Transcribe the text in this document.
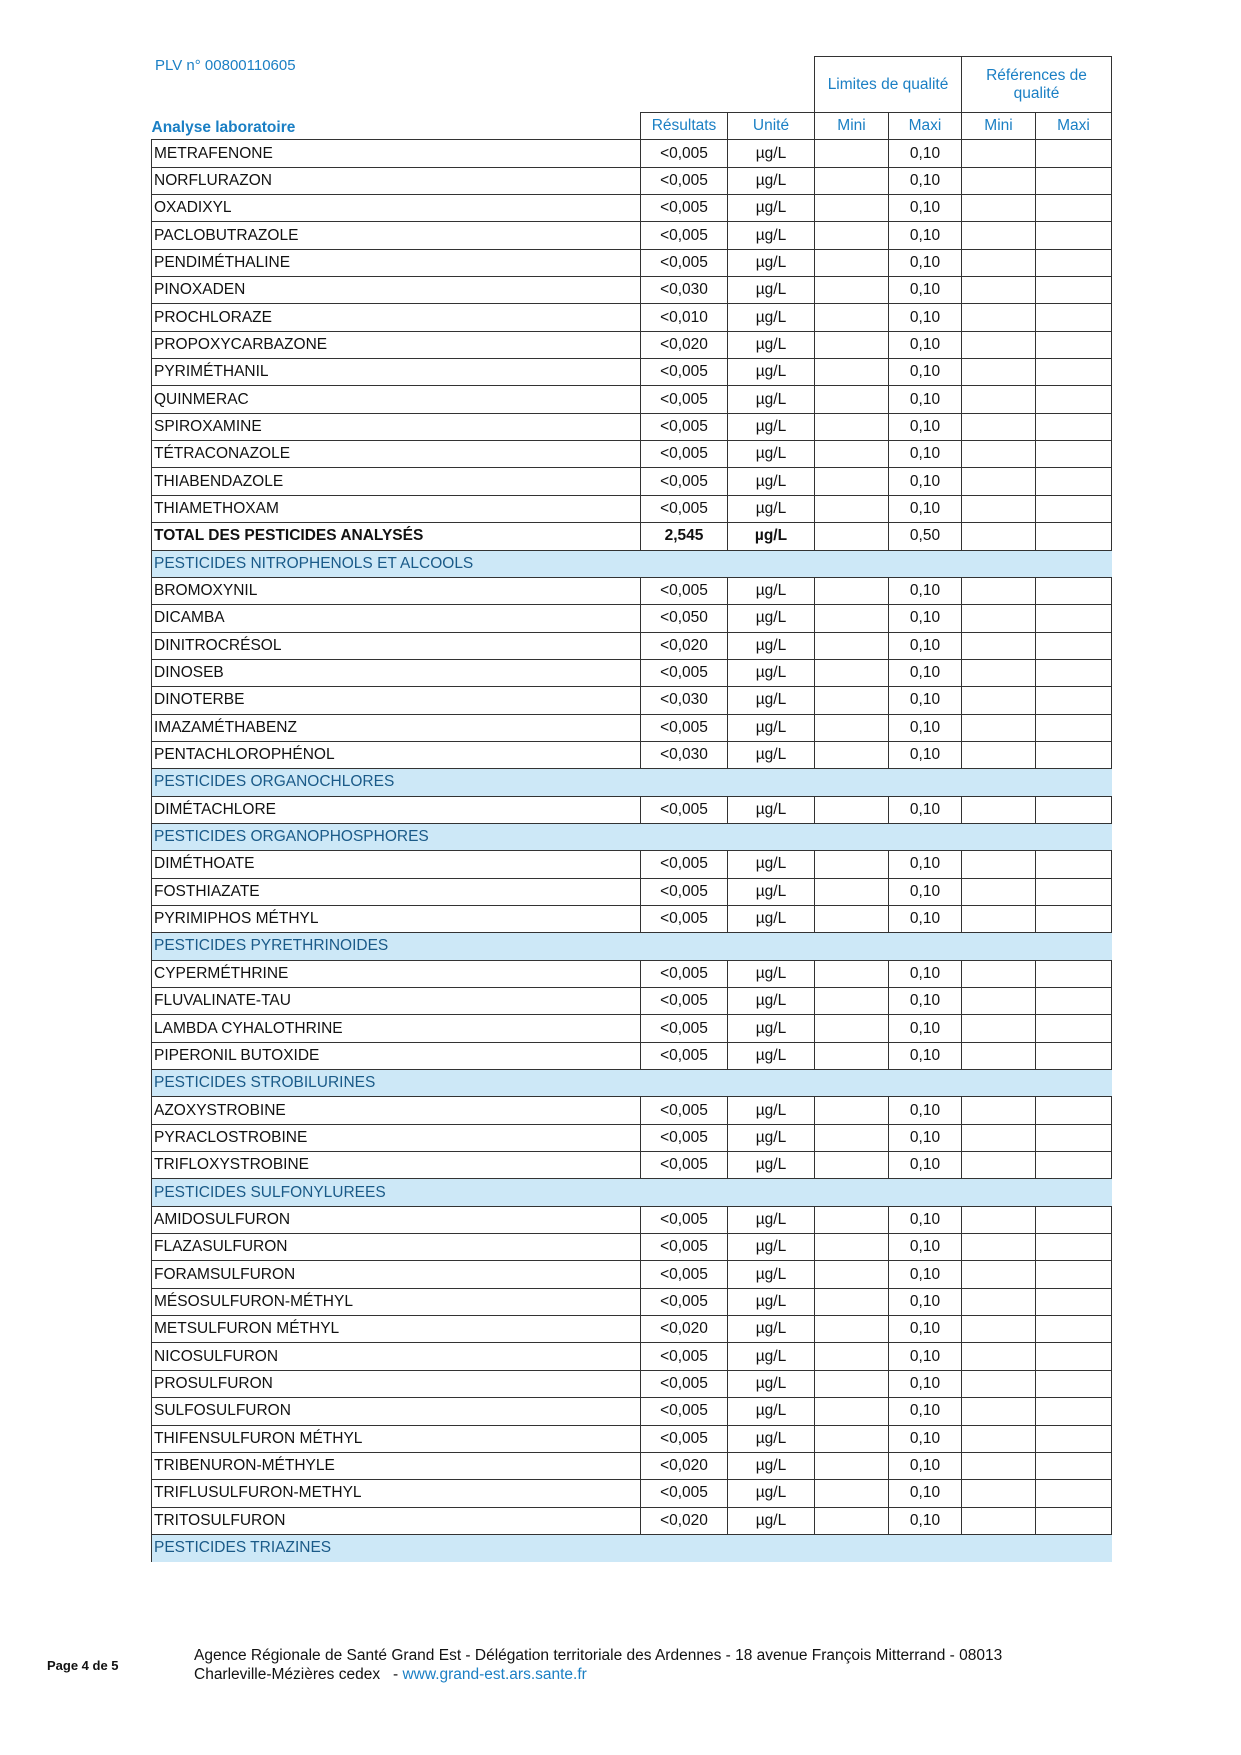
PLV n° 00800110605
			Limites de qualité		Références de qualité	
Analyse laboratoire	Résultats	Unité	Mini	Maxi	Mini	Maxi
METRAFENONE	<0,005	µg/L		0,10		
NORFLURAZON	<0,005	µg/L		0,10		
OXADIXYL	<0,005	µg/L		0,10		
PACLOBUTRAZOLE	<0,005	µg/L		0,10		
PENDIMÉTHALINE	<0,005	µg/L		0,10		
PINOXADEN	<0,030	µg/L		0,10		
PROCHLORAZE	<0,010	µg/L		0,10		
PROPOXYCARBAZONE	<0,020	µg/L		0,10		
PYRIMÉTHANIL	<0,005	µg/L		0,10		
QUINMERAC	<0,005	µg/L		0,10		
SPIROXAMINE	<0,005	µg/L		0,10		
TÉTRACONAZOLE	<0,005	µg/L		0,10		
THIABENDAZOLE	<0,005	µg/L		0,10		
THIAMETHOXAM	<0,005	µg/L		0,10		
TOTAL DES PESTICIDES ANALYSÉS	2,545	µg/L		0,50		
PESTICIDES NITROPHENOLS ET ALCOOLS						
BROMOXYNIL	<0,005	µg/L		0,10		
DICAMBA	<0,050	µg/L		0,10		
DINITROCRÉSOL	<0,020	µg/L		0,10		
DINOSEB	<0,005	µg/L		0,10		
DINOTERBE	<0,030	µg/L		0,10		
IMAZAMÉTHABENZ	<0,005	µg/L		0,10		
PENTACHLOROPHÉNOL	<0,030	µg/L		0,10		
PESTICIDES ORGANOCHLORES						
DIMÉTACHLORE	<0,005	µg/L		0,10		
PESTICIDES ORGANOPHOSPHORES						
DIMÉTHOATE	<0,005	µg/L		0,10		
FOSTHIAZATE	<0,005	µg/L		0,10		
PYRIMIPHOS MÉTHYL	<0,005	µg/L		0,10		
PESTICIDES PYRETHRINOIDES						
CYPERMÉTHRINE	<0,005	µg/L		0,10		
FLUVALINATE-TAU	<0,005	µg/L		0,10		
LAMBDA CYHALOTHRINE	<0,005	µg/L		0,10		
PIPERONIL BUTOXIDE	<0,005	µg/L		0,10		
PESTICIDES STROBILURINES						
AZOXYSTROBINE	<0,005	µg/L		0,10		
PYRACLOSTROBINE	<0,005	µg/L		0,10		
TRIFLOXYSTROBINE	<0,005	µg/L		0,10		
PESTICIDES SULFONYLUREES						
AMIDOSULFURON	<0,005	µg/L		0,10		
FLAZASULFURON	<0,005	µg/L		0,10		
FORAMSULFURON	<0,005	µg/L		0,10		
MÉSOSULFURON-MÉTHYL	<0,005	µg/L		0,10		
METSULFURON MÉTHYL	<0,020	µg/L		0,10		
NICOSULFURON	<0,005	µg/L		0,10		
PROSULFURON	<0,005	µg/L		0,10		
SULFOSULFURON	<0,005	µg/L		0,10		
THIFENSULFURON MÉTHYL	<0,005	µg/L		0,10		
TRIBENURON-MÉTHYLE	<0,020	µg/L		0,10		
TRIFLUSULFURON-METHYL	<0,005	µg/L		0,10		
TRITOSULFURON	<0,020	µg/L		0,10		
PESTICIDES TRIAZINES						
Page 4 de 5
Agence Régionale de Santé Grand Est - Délégation territoriale des Ardennes - 18 avenue François Mitterrand - 08013
Charleville-Mézières cedex   - www.grand-est.ars.sante.fr
